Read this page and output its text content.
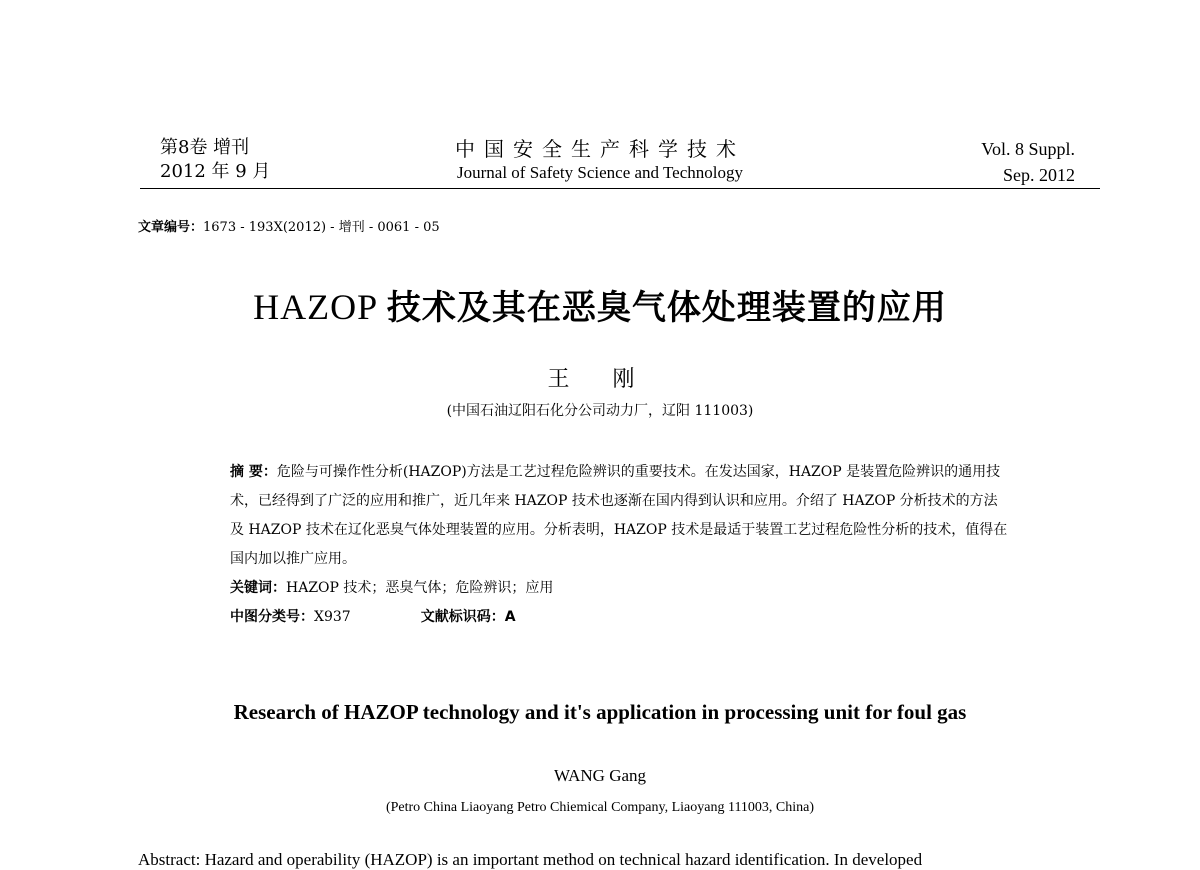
第8卷 增刊
2012 年 9 月
中国安全生产科学技术
Journal of Safety Science and Technology
Vol. 8 Suppl.
Sep. 2012
文章编号：1673 - 193X(2012) - 增刊 - 0061 - 05
HAZOP 技术及其在恶臭气体处理装置的应用
王 刚
(中国石油辽阳石化分公司动力厂，辽阳 111003)

摘 要：危险与可操作性分析(HAZOP)方法是工艺过程危险辨识的重要技术。在发达国家，HAZOP 是装置危险辨识的通用技术，已经得到了广泛的应用和推广，近几年来 HAZOP 技术也逐渐在国内得到认识和应用。介绍了 HAZOP 分析技术的方法及 HAZOP 技术在辽化恶臭气体处理装置的应用。分析表明，HAZOP 技术是最适于装置工艺过程危险性分析的技术，值得在国内加以推广应用。

关键词：HAZOP 技术；恶臭气体；危险辨识；应用

中图分类号：X937	文献标识码：A

Research of HAZOP technology and it's application in processing unit for foul gas
WANG Gang
(Petro China Liaoyang Petro Chiemical Company, Liaoyang 111003, China)
Abstract: Hazard and operability (HAZOP) is an important method on technical hazard identification. In developed
